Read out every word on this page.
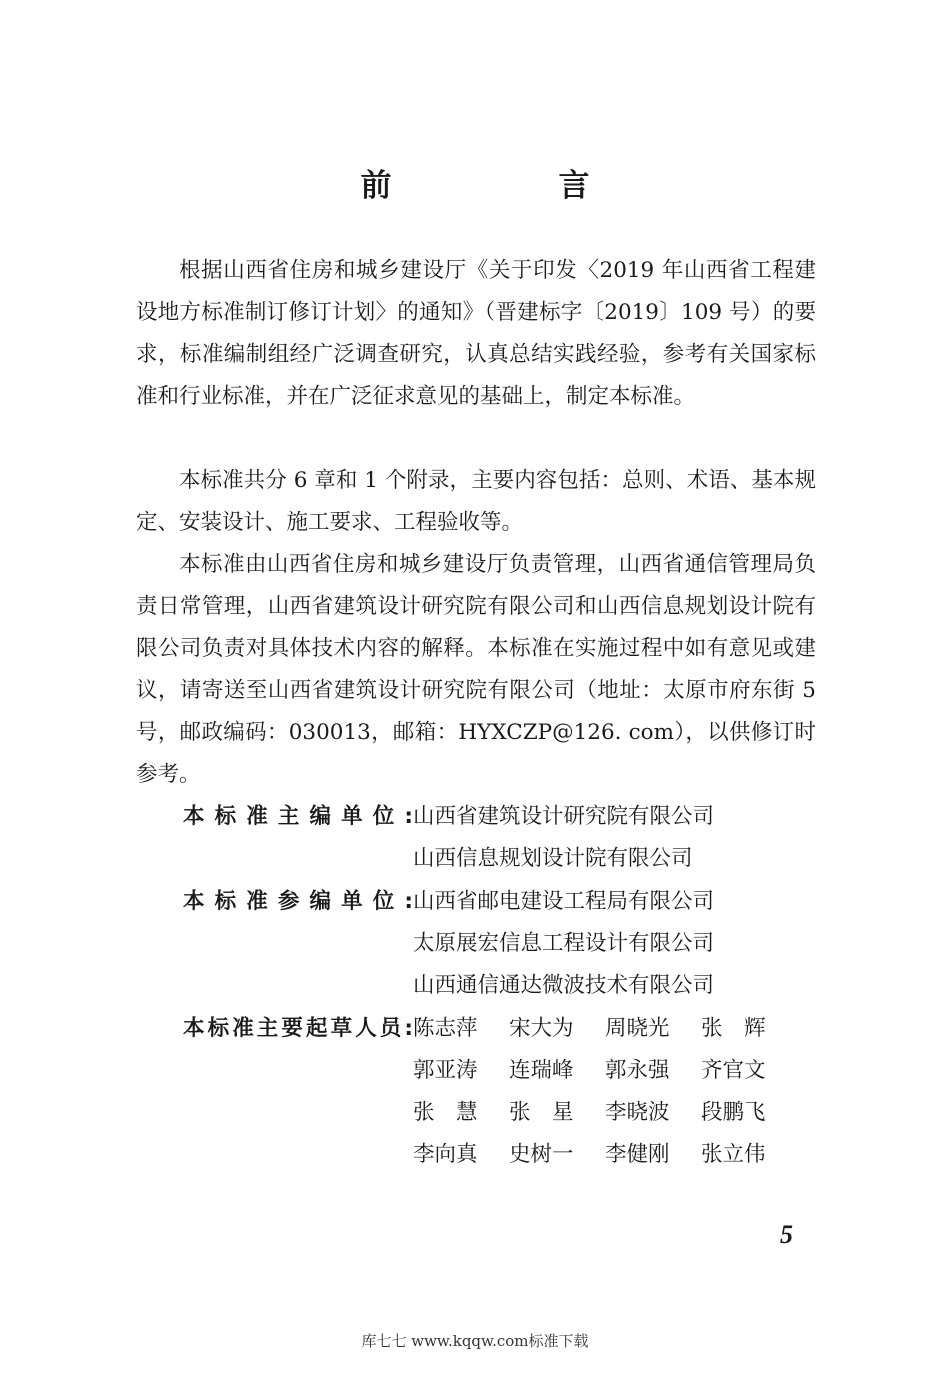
前　言

根据山西省住房和城乡建设厅《关于印发〈2019 年山西省工程建设地方标准制订修订计划〉的通知》（晋建标字〔2019〕109 号）的要求，标准编制组经广泛调查研究，认真总结实践经验，参考有关国家标准和行业标准，并在广泛征求意见的基础上，制定本标准。

本标准共分 6 章和 1 个附录，主要内容包括：总则、术语、基本规定、安装设计、施工要求、工程验收等。

本标准由山西省住房和城乡建设厅负责管理，山西省通信管理局负责日常管理，山西省建筑设计研究院有限公司和山西信息规划设计院有限公司负责对具体技术内容的解释。本标准在实施过程中如有意见或建议，请寄送至山西省建筑设计研究院有限公司（地址：太原市府东街 5 号，邮政编码：030013，邮箱：HYXCZP@126. com），以供修订时参考。

本标准主编单位: 山西省建筑设计研究院有限公司
山西信息规划设计院有限公司
本标准参编单位: 山西省邮电建设工程局有限公司
太原展宏信息工程设计有限公司
山西通信通达微波技术有限公司
本标准主要起草人员: 陈志萍	宋大为	周晓光	张辉
郭亚涛	连瑞峰	郭永强	齐官文
张慧 张星 李晓波	段鹏飞
李向真	史树一	李健刚	张立伟
5
库七七 www.kqqw.com标准下载
